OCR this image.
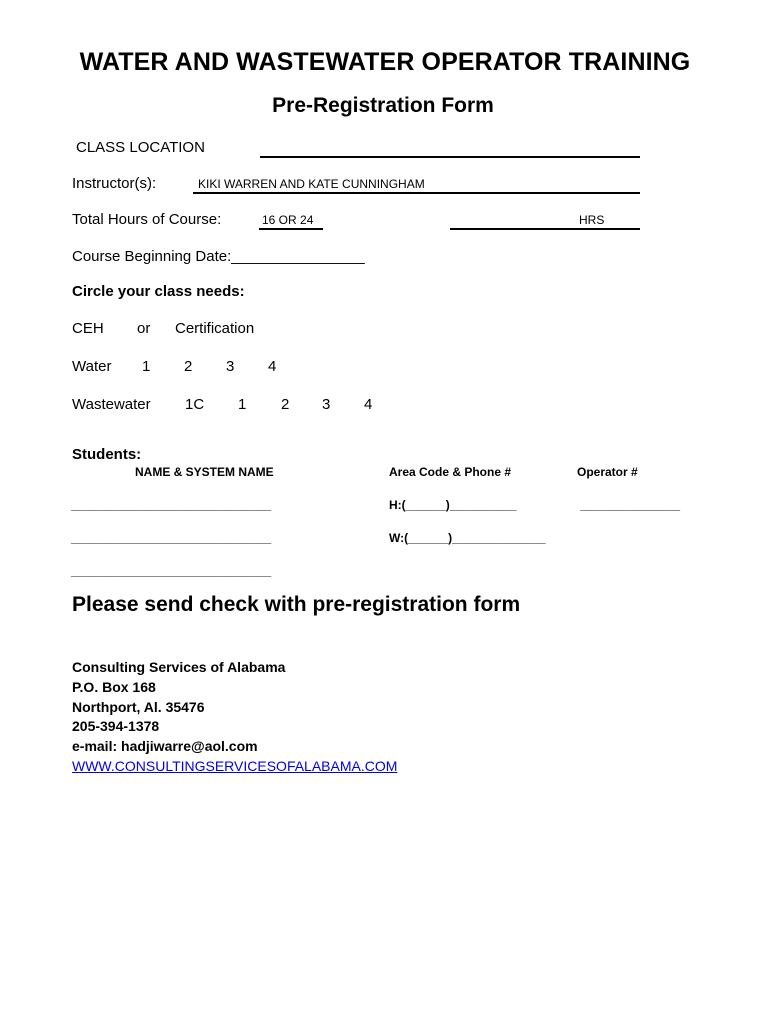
WATER AND WASTEWATER OPERATOR TRAINING
Pre-Registration Form
CLASS LOCATION
Instructor(s):	KIKI WARREN AND KATE CUNNINGHAM
Total Hours of Course:	16 OR 24	HRS
Course Beginning Date:________________
Circle your class needs:
CEH or Certification
Water 1 2 3 4
Wastewater 1C 1 2 3 4
Students:
NAME & SYSTEM NAME	Area Code & Phone #	Operator #
______________________________	H:(______)__________	_______________
______________________________	W:(______)______________
______________________________
Please send check with pre-registration form
Consulting Services of Alabama
P.O. Box 168
Northport, Al. 35476
205-394-1378
e-mail: hadjiwarre@aol.com
WWW.CONSULTINGSERVICESOFALABAMA.COM
